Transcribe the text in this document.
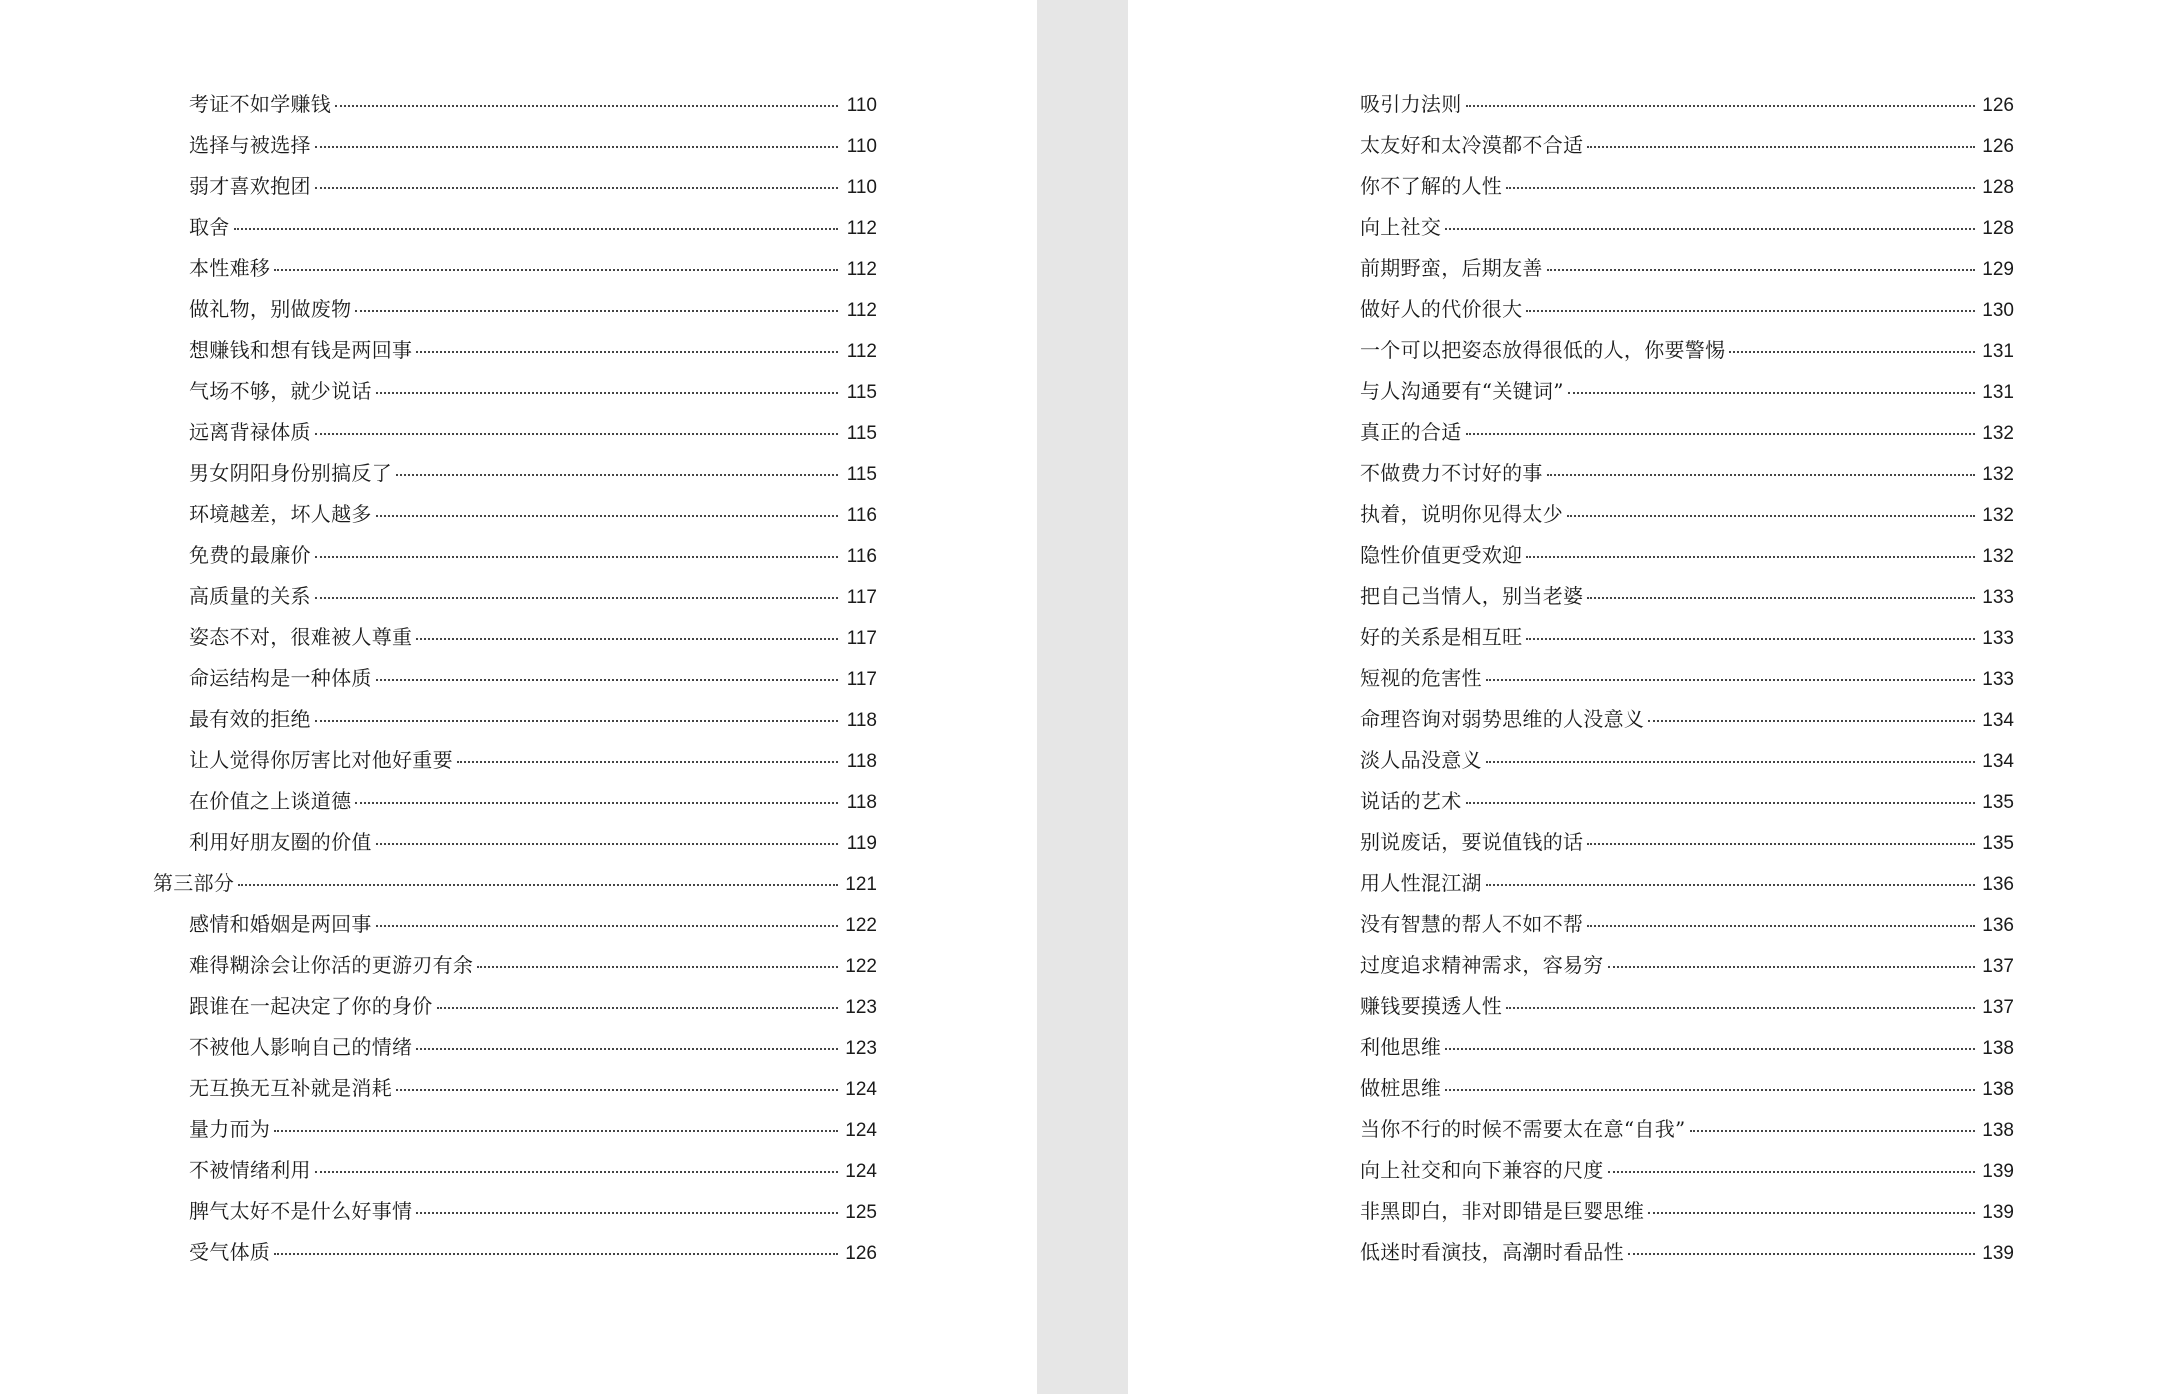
考证不如学赚钱	110
选择与被选择	110
弱才喜欢抱团	110
取舍	112
本性难移	112
做礼物，别做废物	112
想赚钱和想有钱是两回事	112
气场不够，就少说话	115
远离背禄体质	115
男女阴阳身份别搞反了	115
环境越差，坏人越多	116
免费的最廉价	116
高质量的关系	117
姿态不对，很难被人尊重	117
命运结构是一种体质	117
最有效的拒绝	118
让人觉得你厉害比对他好重要	118
在价值之上谈道德	118
利用好朋友圈的价值	119
第三部分	121
感情和婚姻是两回事	122
难得糊涂会让你活的更游刃有余	122
跟谁在一起决定了你的身价	123
不被他人影响自己的情绪	123
无互换无互补就是消耗	124
量力而为	124
不被情绪利用	124
脾气太好不是什么好事情	125
受气体质	126
吸引力法则	126
太友好和太冷漠都不合适	126
你不了解的人性	128
向上社交	128
前期野蛮，后期友善	129
做好人的代价很大	130
一个可以把姿态放得很低的人，你要警惕	131
与人沟通要有“关键词”	131
真正的合适	132
不做费力不讨好的事	132
执着，说明你见得太少	132
隐性价值更受欢迎	132
把自己当情人，别当老婆	133
好的关系是相互旺	133
短视的危害性	133
命理咨询对弱势思维的人没意义	134
淡人品没意义	134
说话的艺术	135
别说废话，要说值钱的话	135
用人性混江湖	136
没有智慧的帮人不如不帮	136
过度追求精神需求，容易穷	137
赚钱要摸透人性	137
利他思维	138
做桩思维	138
当你不行的时候不需要太在意“自我”	138
向上社交和向下兼容的尺度	139
非黑即白，非对即错是巨婴思维	139
低迷时看演技，高潮时看品性	139
